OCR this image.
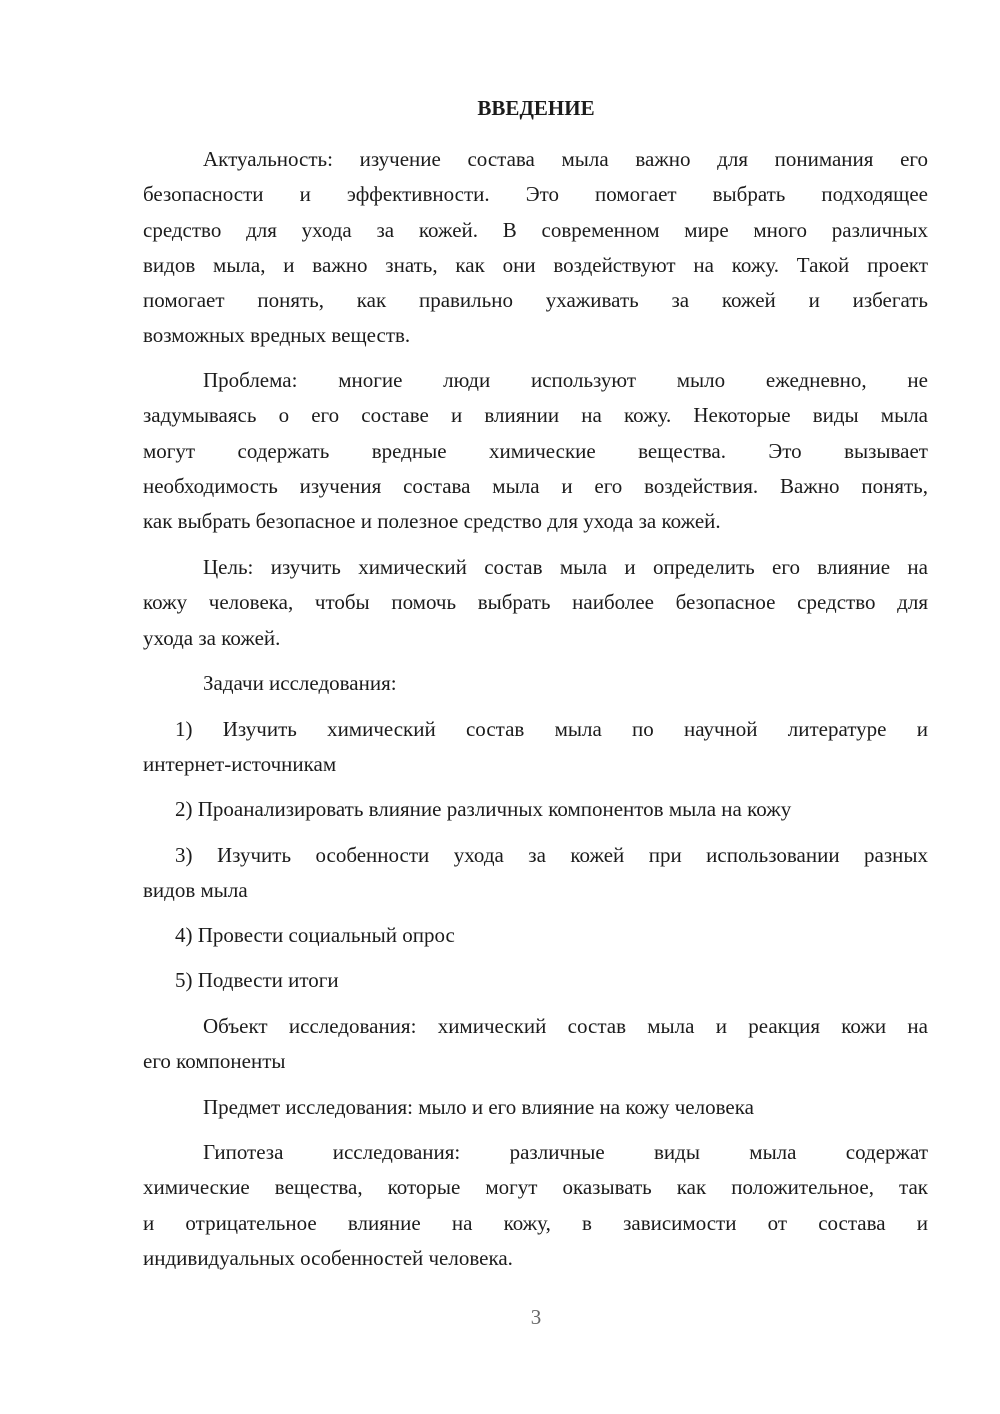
ВВЕДЕНИЕ
Актуальность: изучение состава мыла важно для понимания его
безопасности и эффективности. Это помогает выбрать подходящее
средство для ухода за кожей. В современном мире много различных
видов мыла, и важно знать, как они воздействуют на кожу. Такой проект
помогает понять, как правильно ухаживать за кожей и избегать
возможных вредных веществ.
Проблема: многие люди используют мыло ежедневно, не
задумываясь о его составе и влиянии на кожу. Некоторые виды мыла
могут содержать вредные химические вещества. Это вызывает
необходимость изучения состава мыла и его воздействия. Важно понять,
как выбрать безопасное и полезное средство для ухода за кожей.
Цель: изучить химический состав мыла и определить его влияние на
кожу человека, чтобы помочь выбрать наиболее безопасное средство для
ухода за кожей.
Задачи исследования:
1) Изучить химический состав мыла по научной литературе и
интернет-источникам
2) Проанализировать влияние различных компонентов мыла на кожу
3) Изучить особенности ухода за кожей при использовании разных
видов мыла
4) Провести социальный опрос
5) Подвести итоги
Объект исследования: химический состав мыла и реакция кожи на
его компоненты
Предмет исследования: мыло и его влияние на кожу человека
Гипотеза исследования: различные виды мыла содержат
химические вещества, которые могут оказывать как положительное, так
и отрицательное влияние на кожу, в зависимости от состава и
индивидуальных особенностей человека.
3
